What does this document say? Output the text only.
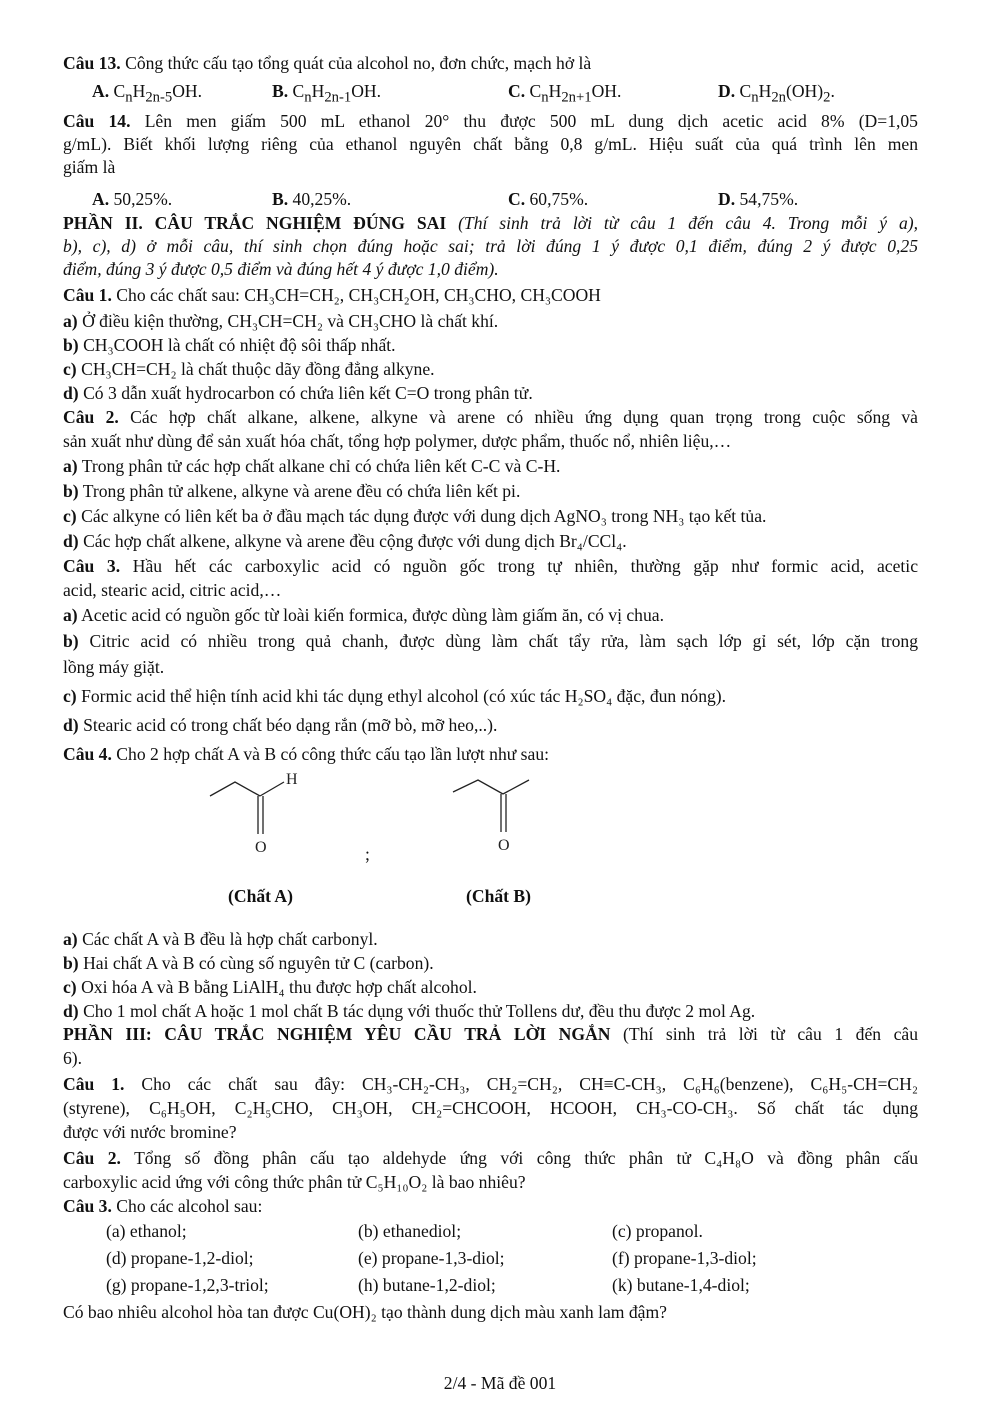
Câu 13. Công thức cấu tạo tổng quát của alcohol no, đơn chức, mạch hở là
A. $C_nH_{2n-5}OH$.	B. $C_nH_{2n-1}OH$.	C. $C_nH_{2n+1}OH$.	D. $C_nH_{2n}(OH)_2$.
Câu 14. Lên men giấm 500 mL ethanol 20° thu được 500 mL dung dịch acetic acid 8% (D=1,05
g/mL). Biết khối lượng riêng của ethanol nguyên chất bằng 0,8 g/mL. Hiệu suất của quá trình lên men
giấm là
A. 50,25%.	B. 40,25%.	C. 60,75%.	D. 54,75%.
PHẦN II. CÂU TRẮC NGHIỆM ĐÚNG SAI (Thí sinh trả lời từ câu 1 đến câu 4. Trong mỗi ý a),
b), c), d) ở mỗi câu, thí sinh chọn đúng hoặc sai; trả lời đúng 1 ý được 0,1 điểm, đúng 2 ý được 0,25
điểm, đúng 3 ý được 0,5 điểm và đúng hết 4 ý được 1,0 điểm).
Câu 1. Cho các chất sau: CH₃CH=CH₂, CH₃CH₂OH, CH₃CHO, CH₃COOH
a) Ở điều kiện thường, CH₃CH=CH₂ và CH₃CHO là chất khí.
b) CH₃COOH là chất có nhiệt độ sôi thấp nhất.
c) CH₃CH=CH₂ là chất thuộc dãy đồng đẳng alkyne.
d) Có 3 dẫn xuất hydrocarbon có chứa liên kết C=O trong phân tử.
Câu 2. Các hợp chất alkane, alkene, alkyne và arene có nhiều ứng dụng quan trọng trong cuộc sống và
sản xuất như dùng để sản xuất hóa chất, tổng hợp polymer, dược phẩm, thuốc nổ, nhiên liệu,…
a) Trong phân tử các hợp chất alkane chỉ có chứa liên kết C-C và C-H.
b) Trong phân tử alkene, alkyne và arene đều có chứa liên kết pi.
c) Các alkyne có liên kết ba ở đầu mạch tác dụng được với dung dịch AgNO₃ trong NH₃ tạo kết tủa.
d) Các hợp chất alkene, alkyne và arene đều cộng được với dung dịch Br₄/CCl₄.
Câu 3. Hầu hết các carboxylic acid có nguồn gốc trong tự nhiên, thường gặp như formic acid, acetic
acid, stearic acid, citric acid,…
a) Acetic acid có nguồn gốc từ loài kiến formica, được dùng làm giấm ăn, có vị chua.
b) Citric acid có nhiều trong quả chanh, được dùng làm chất tẩy rửa, làm sạch lớp gỉ sét, lớp cặn trong
lồng máy giặt.
c) Formic acid thể hiện tính acid khi tác dụng ethyl alcohol (có xúc tác H₂SO₄ đặc, đun nóng).
d) Stearic acid có trong chất béo dạng rắn (mỡ bò, mỡ heo,..).
Câu 4. Cho 2 hợp chất A và B có công thức cấu tạo lần lượt như sau:
H
O	;	O
(Chất A)	(Chất B)
a) Các chất A và B đều là hợp chất carbonyl.
b) Hai chất A và B có cùng số nguyên tử C (carbon).
c) Oxi hóa A và B bằng LiAlH₄ thu được hợp chất alcohol.
d) Cho 1 mol chất A hoặc 1 mol chất B tác dụng với thuốc thử Tollens dư, đều thu được 2 mol Ag.
PHẦN III: CÂU TRẮC NGHIỆM YÊU CẦU TRẢ LỜI NGẮN (Thí sinh trả lời từ câu 1 đến câu
6).
Câu 1. Cho các chất sau đây: CH₃-CH₂-CH₃, CH₂=CH₂, CH≡C-CH₃, C₆H₆(benzene), C₆H₅-CH=CH₂
(styrene), C₆H₅OH, C₂H₅CHO, CH₃OH, CH₂=CHCOOH, HCOOH, CH₃-CO-CH₃. Số chất tác dụng
được với nước bromine?
Câu 2. Tổng số đồng phân cấu tạo aldehyde ứng với công thức phân tử C₄H₈O và đồng phân cấu
carboxylic acid ứng với công thức phân tử C₅H₁₀O₂ là bao nhiêu?
Câu 3. Cho các alcohol sau:
(a) ethanol;	(b) ethanediol;	(c) propanol.
(d) propane-1,2-diol;	(e) propane-1,3-diol;	(f) propane-1,3-diol;
(g) propane-1,2,3-triol;	(h) butane-1,2-diol;	(k) butane-1,4-diol;
Có bao nhiêu alcohol hòa tan được Cu(OH)₂ tạo thành dung dịch màu xanh lam đậm?
2/4 - Mã đề 001
